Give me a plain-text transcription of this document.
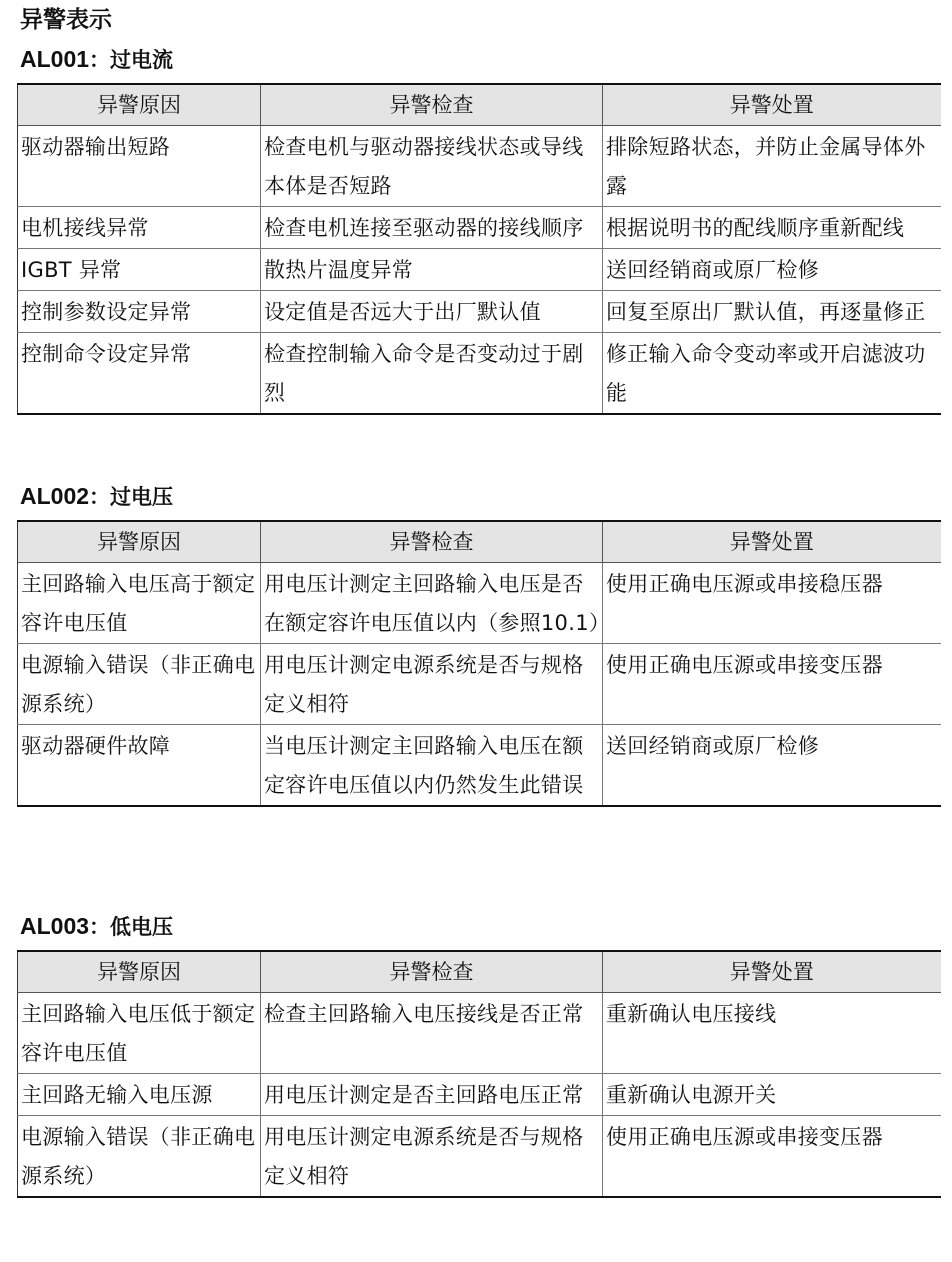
异警表示
AL001：过电流
异警原因	异警检查	异警处置
驱动器输出短路	检查电机与驱动器接线状态或导线本体是否短路	排除短路状态，并防止金属导体外露
电机接线异常	检查电机连接至驱动器的接线顺序	根据说明书的配线顺序重新配线
IGBT 异常	散热片温度异常	送回经销商或原厂检修
控制参数设定异常	设定值是否远大于出厂默认值	回复至原出厂默认值，再逐量修正
控制命令设定异常	检查控制输入命令是否变动过于剧烈	修正输入命令变动率或开启滤波功能
AL002：过电压
异警原因	异警检查	异警处置
主回路输入电压高于额定容许电压值	用电压计测定主回路输入电压是否在额定容许电压值以内（参照10.1）	使用正确电压源或串接稳压器
电源输入错误（非正确电源系统）	用电压计测定电源系统是否与规格定义相符	使用正确电压源或串接变压器
驱动器硬件故障	当电压计测定主回路输入电压在额定容许电压值以内仍然发生此错误	送回经销商或原厂检修
AL003：低电压
异警原因	异警检查	异警处置
主回路输入电压低于额定容许电压值	检查主回路输入电压接线是否正常	重新确认电压接线
主回路无输入电压源	用电压计测定是否主回路电压正常	重新确认电源开关
电源输入错误（非正确电源系统）	用电压计测定电源系统是否与规格定义相符	使用正确电压源或串接变压器
